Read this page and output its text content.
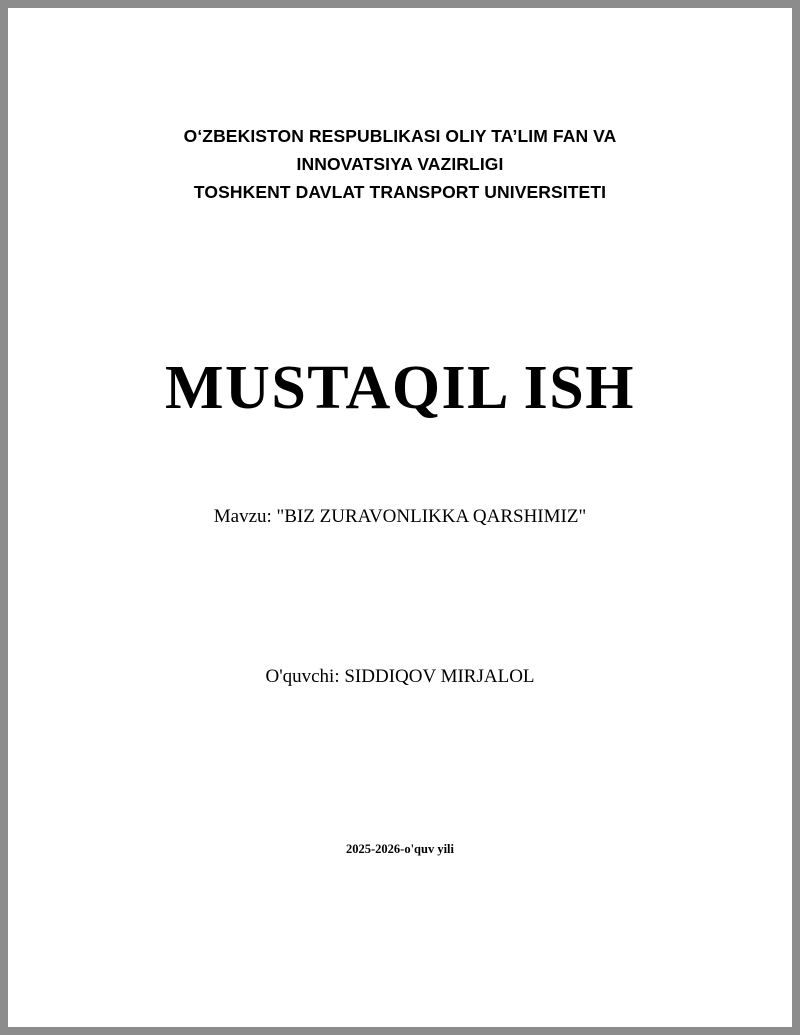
O‘ZBEKISTON RESPUBLIKASI OLIY TA’LIM FAN VA
INNOVATSIYA VAZIRLIGI
TOSHKENT DAVLAT TRANSPORT UNIVERSITETI
MUSTAQIL ISH
Mavzu: "BIZ ZURAVONLIKKA QARSHIMIZ"
O'quvchi: SIDDIQOV MIRJALOL
2025-2026-o'quv yili
